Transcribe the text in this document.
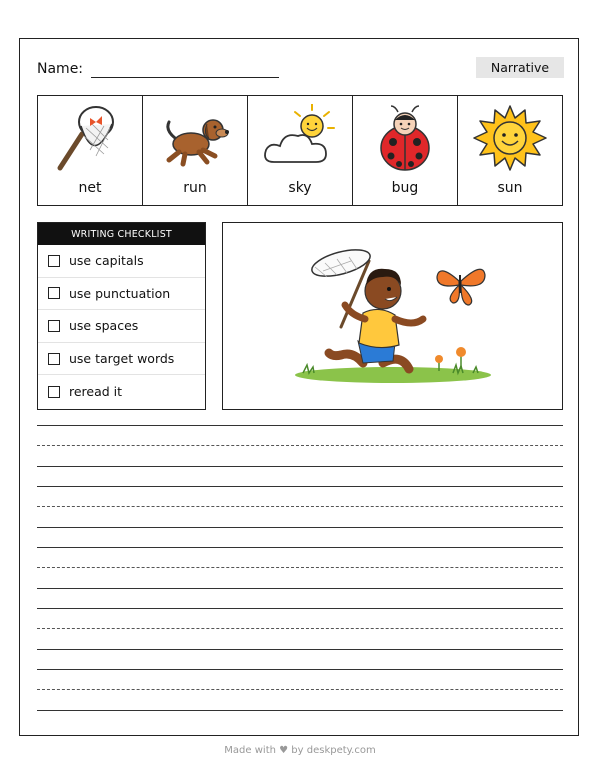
Name:	Narrative
net	run	sky	bug	sun
WRITING CHECKLIST
use capitals
use punctuation
use spaces
use target words
reread it
Made with ♥ by deskpety.com
